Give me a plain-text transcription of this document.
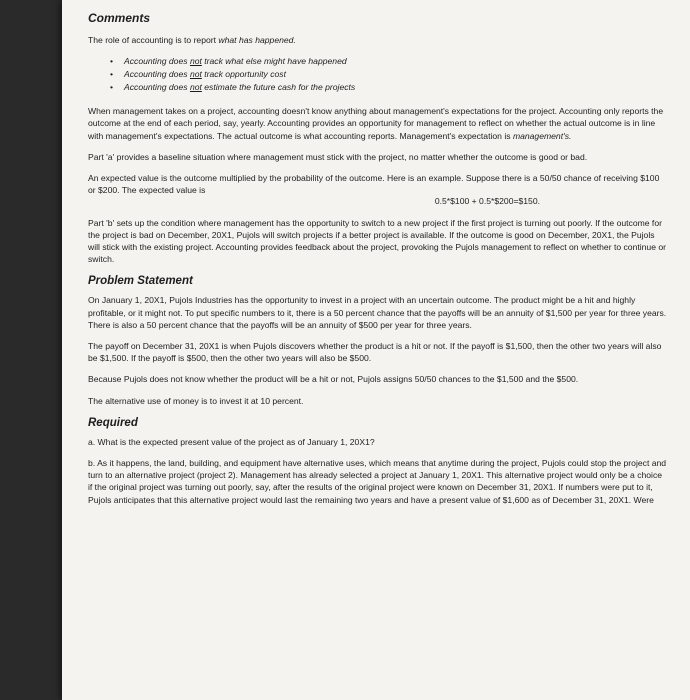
Comments

The role of accounting is to report what has happened.

• Accounting does not track what else might have happened
• Accounting does not track opportunity cost
• Accounting does not estimate the future cash for the projects

When management takes on a project, accounting doesn't know anything about management's expectations for the project. Accounting only reports the outcome at the end of each period, say, yearly. Accounting provides an opportunity for management to reflect on whether the actual outcome is in line with management's expectations. The actual outcome is what accounting reports. Management's expectation is management's.

Part 'a' provides a baseline situation where management must stick with the project, no matter whether the outcome is good or bad.

An expected value is the outcome multiplied by the probability of the outcome. Here is an example. Suppose there is a 50/50 chance of receiving $100 or $200. The expected value is

0.5*$100 + 0.5*$200=$150.

Part 'b' sets up the condition where management has the opportunity to switch to a new project if the first project is turning out poorly. If the outcome for the project is bad on December, 20X1, Pujols will switch projects if a better project is available. If the outcome is good on December, 20X1, the Pujols will stick with the existing project. Accounting provides feedback about the project, provoking the Pujols management to reflect on whether to continue or switch.

Problem Statement

On January 1, 20X1, Pujols Industries has the opportunity to invest in a project with an uncertain outcome. The product might be a hit and highly profitable, or it might not. To put specific numbers to it, there is a 50 percent chance that the payoffs will be an annuity of $1,500 per year for three years. There is also a 50 percent chance that the payoffs will be an annuity of $500 per year for three years.

The payoff on December 31, 20X1 is when Pujols discovers whether the product is a hit or not. If the payoff is $1,500, then the other two years will also be $1,500. If the payoff is $500, then the other two years will also be $500.

Because Pujols does not know whether the product will be a hit or not, Pujols assigns 50/50 chances to the $1,500 and the $500.

The alternative use of money is to invest it at 10 percent.

Required

a. What is the expected present value of the project as of January 1, 20X1?

b. As it happens, the land, building, and equipment have alternative uses, which means that anytime during the project, Pujols could stop the project and turn to an alternative project (project 2). Management has already selected a project at January 1, 20X1. This alternative project would only be a choice if the original project was turning out poorly, say, after the results of the original project were known on December 31, 20X1. If numbers were put to it, Pujols anticipates that this alternative project would last the remaining two years and have a present value of $1,600 as of December 31, 20X1. Were
